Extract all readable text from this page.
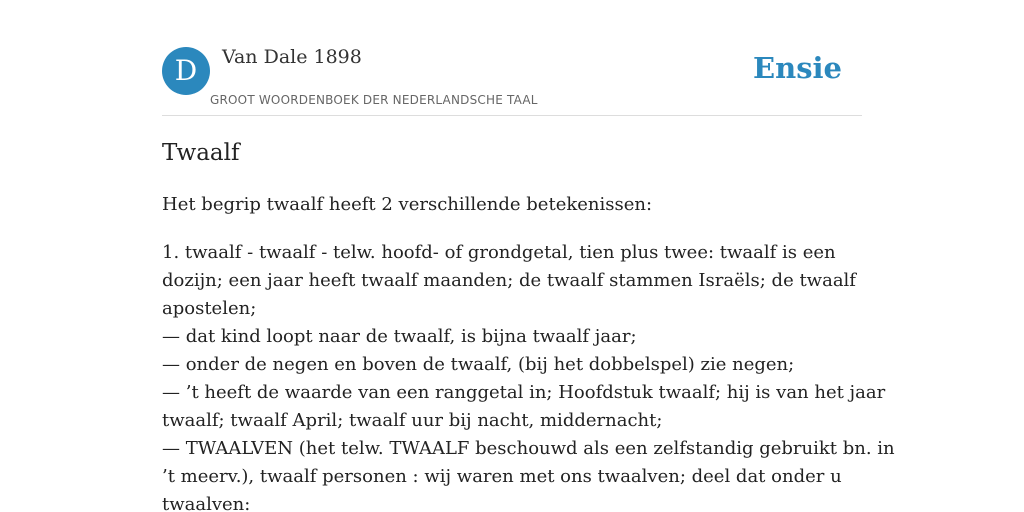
D	Van Dale 1898
GROOT WOORDENBOEK DER NEDERLANDSCHE TAAL
Ensie
Twaalf

Het begrip twaalf heeft 2 verschillende betekenissen:

1. twaalf - twaalf - telw. hoofd- of grondgetal, tien plus twee: twaalf is een
dozijn; een jaar heeft twaalf maanden; de twaalf stammen Israëls; de twaalf
apostelen;
— dat kind loopt naar de twaalf, is bijna twaalf jaar;
— onder de negen en boven de twaalf, (bij het dobbelspel) zie negen;
— ’t heeft de waarde van een ranggetal in; Hoofdstuk twaalf; hij is van het jaar
twaalf; twaalf April; twaalf uur bij nacht, middernacht;
— TWAALVEN (het telw. TWAALF beschouwd als een zelfstandig gebruikt bn. in
’t meerv.), twaalf personen : wij waren met ons twaalven; deel dat onder u
twaalven:
